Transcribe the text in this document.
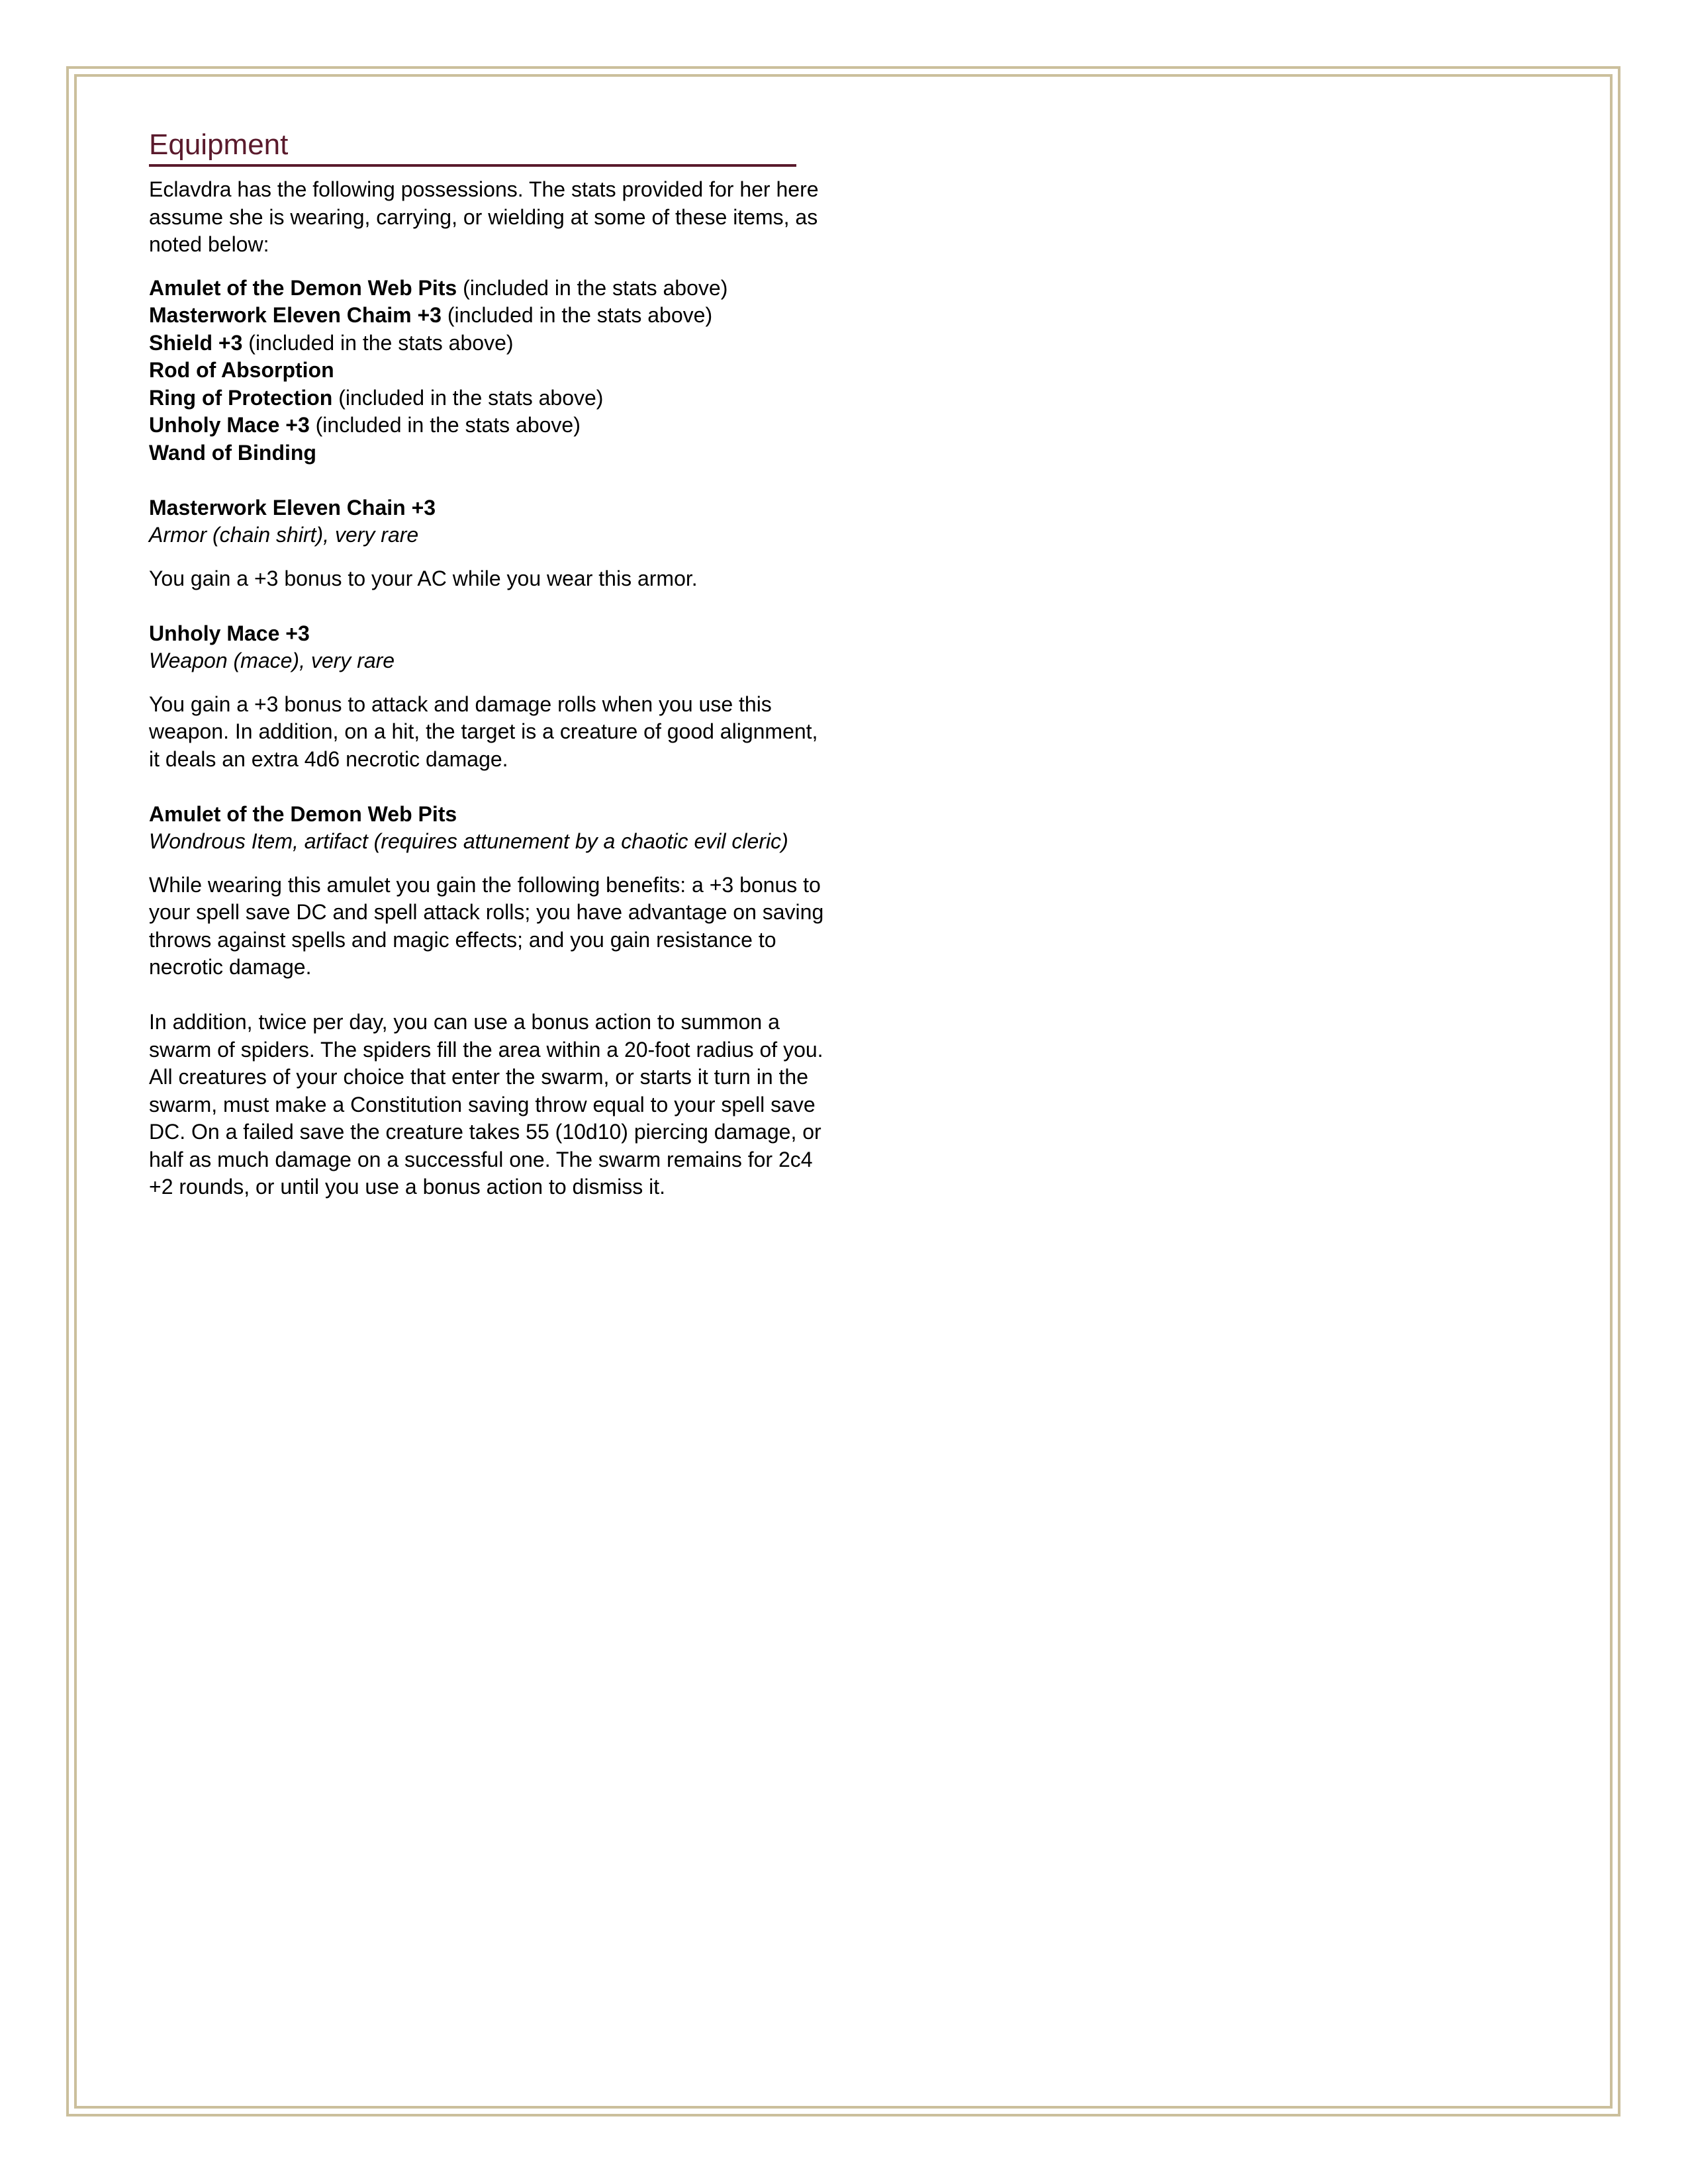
Equipment

Eclavdra has the following possessions. The stats provided for her here assume she is wearing, carrying, or wielding at some of these items, as noted below:

Amulet of the Demon Web Pits (included in the stats above)
Masterwork Eleven Chaim +3 (included in the stats above)
Shield +3 (included in the stats above)
Rod of Absorption
Ring of Protection (included in the stats above)
Unholy Mace +3 (included in the stats above)
Wand of Binding

Masterwork Eleven Chain +3

Armor (chain shirt), very rare

You gain a +3 bonus to your AC while you wear this armor.

Unholy Mace +3

Weapon (mace), very rare

You gain a +3 bonus to attack and damage rolls when you use this weapon. In addition, on a hit, the target is a creature of good alignment, it deals an extra 4d6 necrotic damage.

Amulet of the Demon Web Pits

Wondrous Item, artifact (requires attunement by a chaotic evil cleric)

While wearing this amulet you gain the following benefits: a +3 bonus to your spell save DC and spell attack rolls; you have advantage on saving throws against spells and magic effects; and you gain resistance to necrotic damage.

In addition, twice per day, you can use a bonus action to summon a swarm of spiders. The spiders fill the area within a 20-foot radius of you. All creatures of your choice that enter the swarm, or starts it turn in the swarm, must make a Constitution saving throw equal to your spell save DC. On a failed save the creature takes 55 (10d10) piercing damage, or half as much damage on a successful one. The swarm remains for 2c4 +2 rounds, or until you use a bonus action to dismiss it.
